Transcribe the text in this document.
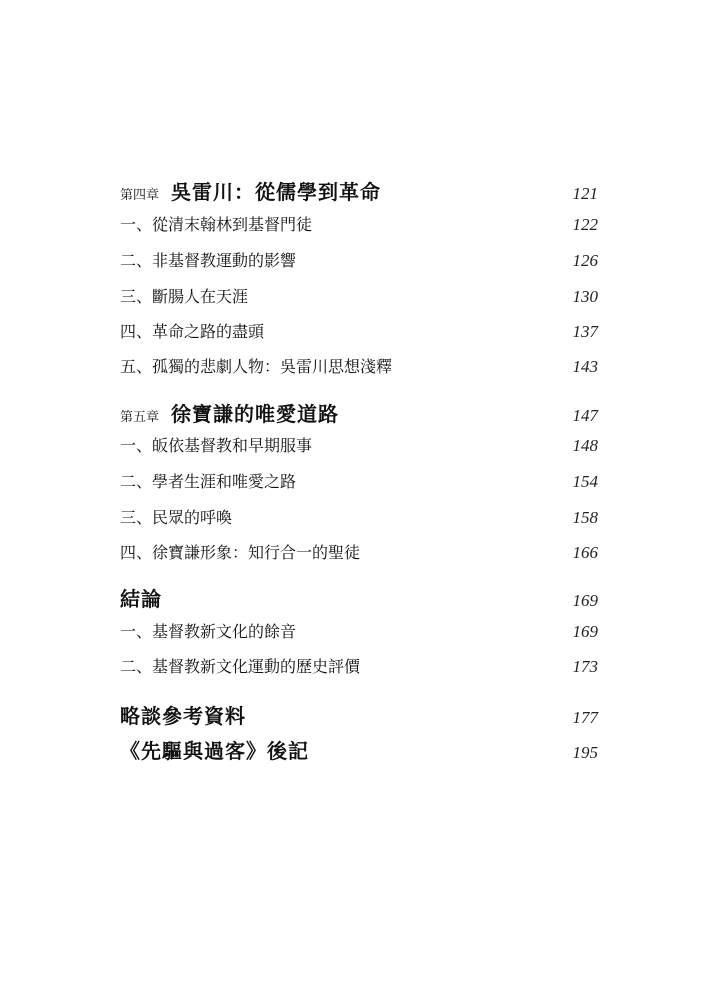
第四章 吳雷川：從儒學到革命	121
一、從清末翰林到基督門徒	122
二、非基督教運動的影響	126
三、斷腸人在天涯	130
四、革命之路的盡頭	137
五、孤獨的悲劇人物：吳雷川思想淺釋	143
第五章 徐寶謙的唯愛道路	147
一、皈依基督教和早期服事	148
二、學者生涯和唯愛之路	154
三、民眾的呼喚	158
四、徐寶謙形象：知行合一的聖徒	166
結論	169
一、基督教新文化的餘音	169
二、基督教新文化運動的歷史評價	173
略談參考資料	177
《先驅與過客》後記	195
